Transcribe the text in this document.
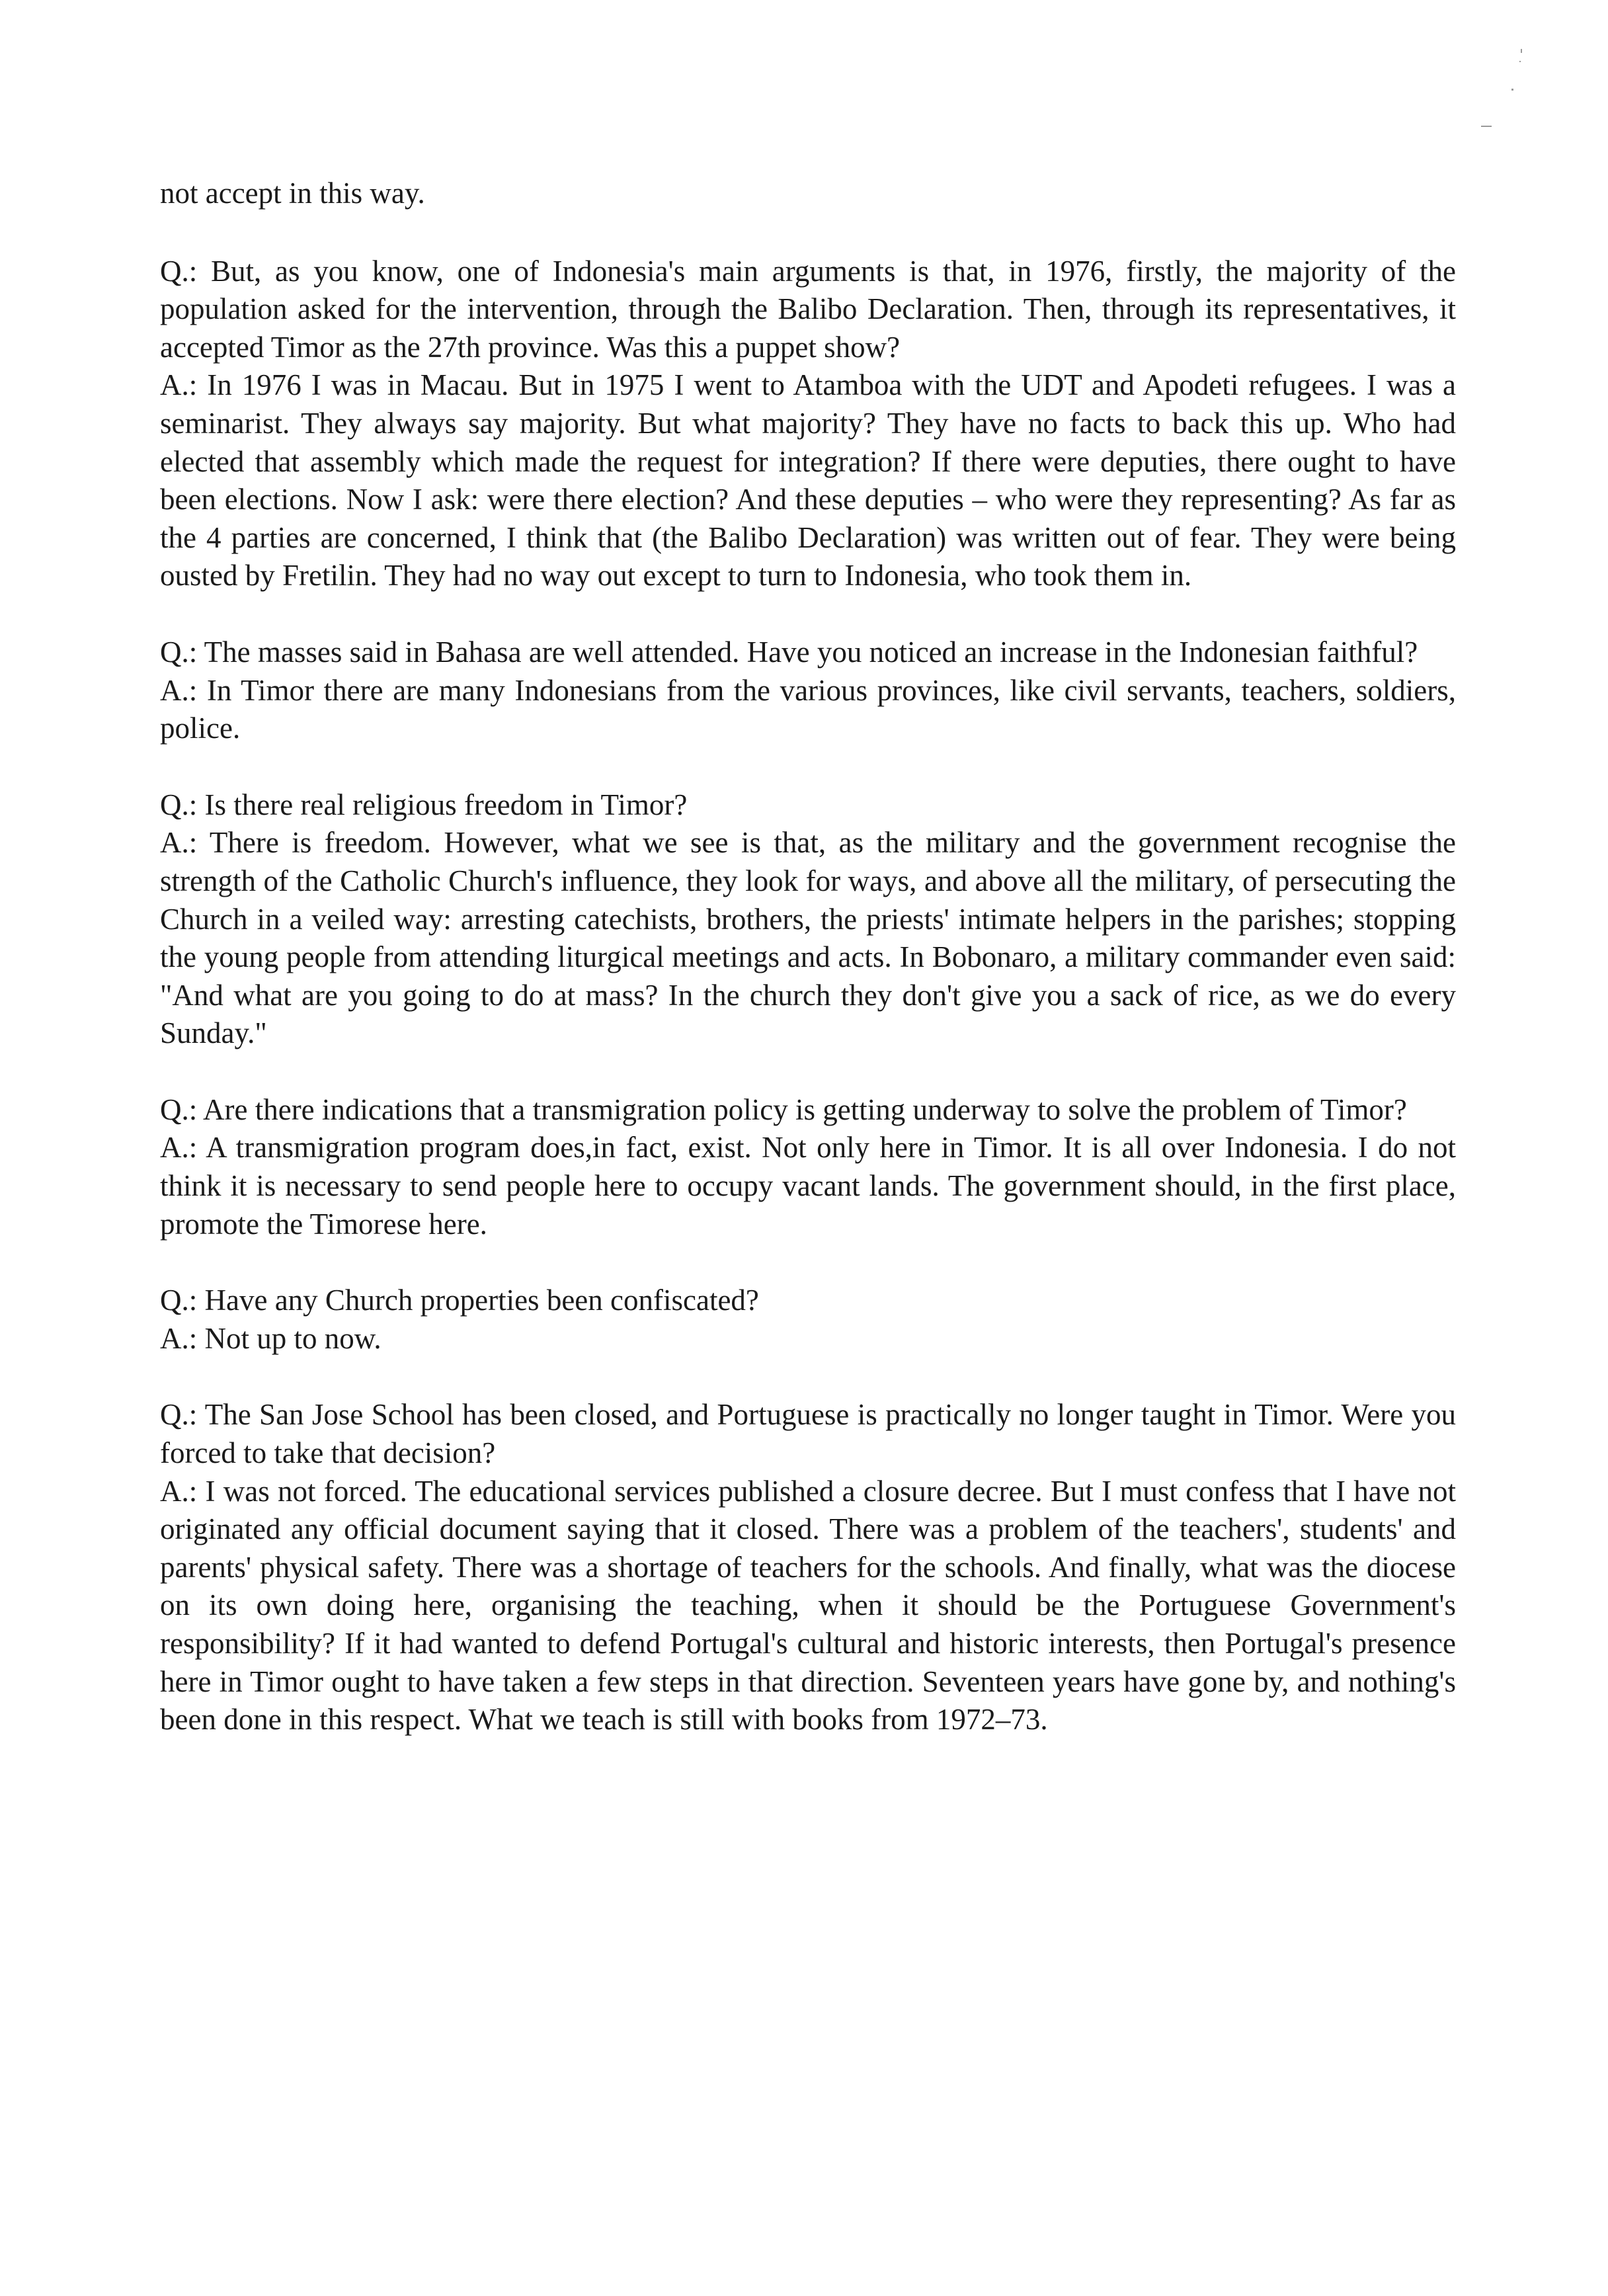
not accept in this way.

Q.: But, as you know, one of Indonesia's main arguments is that, in 1976, firstly, the majority of the population asked for the intervention, through the Balibo Declaration. Then, through its representatives, it accepted Timor as the 27th province. Was this a puppet show?

A.: In 1976 I was in Macau. But in 1975 I went to Atamboa with the UDT and Apodeti refugees. I was a seminarist. They always say majority. But what majority? They have no facts to back this up. Who had elected that assembly which made the request for integration? If there were deputies, there ought to have been elections. Now I ask: were there election? And these deputies – who were they representing? As far as the 4 parties are concerned, I think that (the Balibo Declaration) was written out of fear. They were being ousted by Fretilin. They had no way out except to turn to Indonesia, who took them in.

Q.: The masses said in Bahasa are well attended. Have you noticed an increase in the Indonesian faithful?

A.: In Timor there are many Indonesians from the various provinces, like civil servants, teachers, soldiers, police.

Q.: Is there real religious freedom in Timor?

A.: There is freedom. However, what we see is that, as the military and the government recognise the strength of the Catholic Church's influence, they look for ways, and above all the military, of persecuting the Church in a veiled way: arresting catechists, brothers, the priests' intimate helpers in the parishes; stopping the young people from attending liturgical meetings and acts. In Bobonaro, a military commander even said: "And what are you going to do at mass? In the church they don't give you a sack of rice, as we do every Sunday."

Q.: Are there indications that a transmigration policy is getting underway to solve the problem of Timor?

A.: A transmigration program does,in fact, exist. Not only here in Timor. It is all over Indonesia. I do not think it is necessary to send people here to occupy vacant lands. The government should, in the first place, promote the Timorese here.

Q.: Have any Church properties been confiscated?

A.: Not up to now.

Q.: The San Jose School has been closed, and Portuguese is practically no longer taught in Timor. Were you forced to take that decision?

A.: I was not forced. The educational services published a closure decree. But I must confess that I have not originated any official document saying that it closed. There was a problem of the teachers', students' and parents' physical safety. There was a shortage of teachers for the schools. And finally, what was the diocese on its own doing here, organising the teaching, when it should be the Portuguese Government's responsibility? If it had wanted to defend Portugal's cultural and historic interests, then Portugal's presence here in Timor ought to have taken a few steps in that direction. Seventeen years have gone by, and nothing's been done in this respect. What we teach is still with books from 1972–73.
